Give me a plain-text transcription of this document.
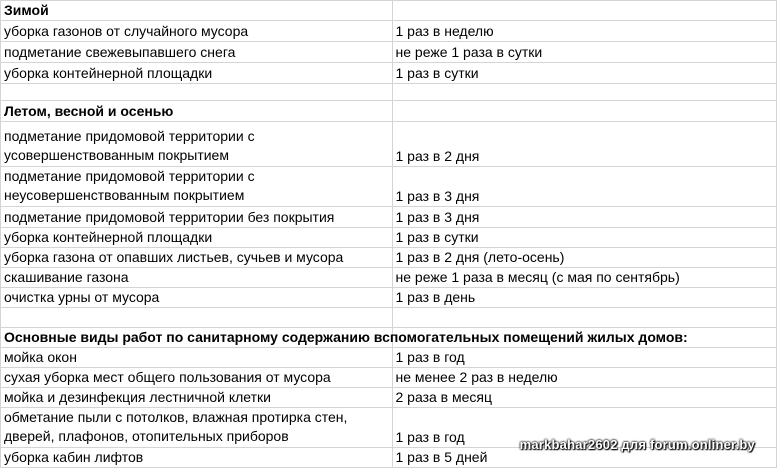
Зимой	
уборка газонов от случайного мусора	1 раз в неделю
подметание свежевыпавшего снега	не реже 1 раза в сутки
уборка контейнерной площадки	1 раз в сутки

Летом, весной и осенью	
подметание придомовой территории с усовершенствованным покрытием	1 раз в 2 дня
подметание придомовой территории с неусовершенствованным покрытием	1 раз в 3 дня
подметание придомовой территории без покрытия	1 раз в 3 дня
уборка контейнерной площадки	1 раз в сутки
уборка газона от опавших листьев, сучьев и мусора	1 раз в 2 дня (лето-осень)
скашивание газона	не реже 1 раза в месяц (с мая по сентябрь)
очистка урны от мусора	1 раз в день

Основные виды работ по санитарному содержанию вспомогательных помещений жилых домов:	
мойка окон	1 раз в год
сухая уборка мест общего пользования от мусора	не менее 2 раз в неделю
мойка и дезинфекция лестничной клетки	2 раза в месяц
обметание пыли с потолков, влажная протирка стен, дверей, плафонов, отопительных приборов	1 раз в год
уборка кабин лифтов	1 раз в 5 дней
markbahar2602 для forum.onliner.by
